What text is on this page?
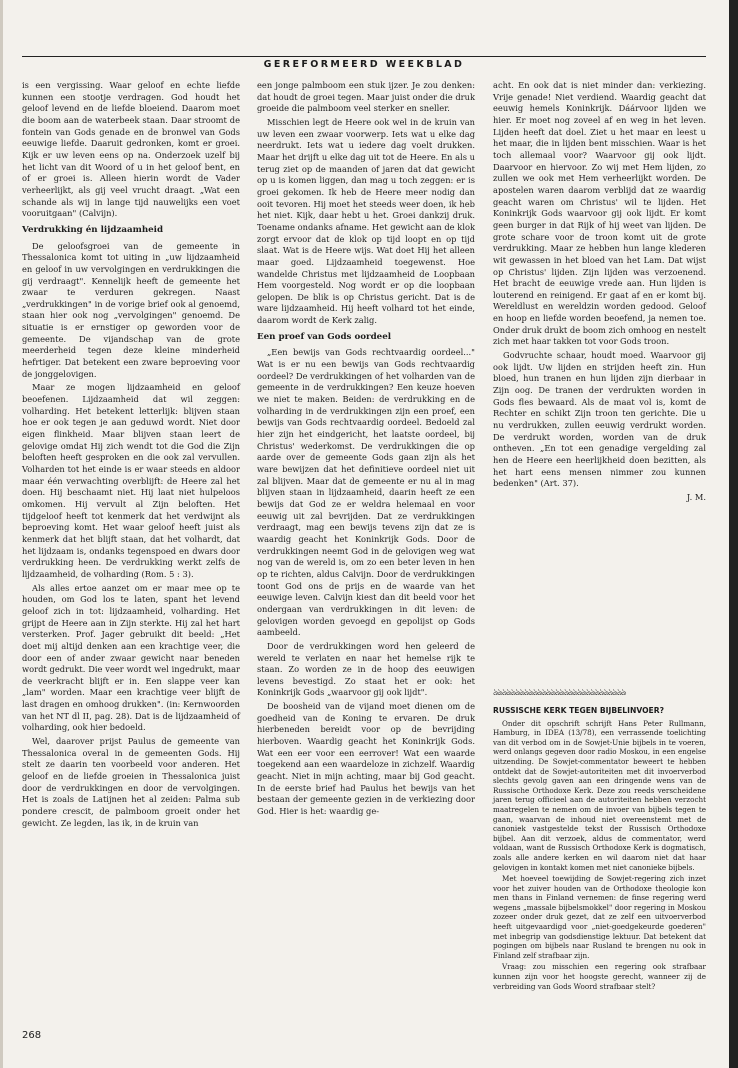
GEREFORMEERD WEEKBLAD

is een vergissing. Waar geloof en echte liefde kunnen een stootje verdragen. God houdt het geloof levend en de liefde bloeiend. Daarom moet die boom aan de waterbeek staan. Daar stroomt de fontein van Gods genade en de bronwel van Gods eeuwige liefde. Daaruit gedronken, komt er groei. Kijk er uw leven eens op na. Onderzoek uzelf bij het licht van dit Woord of u in het geloof bent, en of er groei is. Alleen hierin wordt de Vader verheerlijkt, als gij veel vrucht draagt. „Wat een schande als wij in lange tijd nauwelijks een voet vooruitgaan" (Calvijn).

Verdrukking én lijdzaamheid

De geloofsgroei van de gemeente in Thessalonica komt tot uiting in „uw lijdzaamheid en geloof in uw vervolgingen en verdrukkingen die gij verdraagt". Kennelijk heeft de gemeente het zwaar te verduren gekregen. Naast „verdrukkingen" in de vorige brief ook al genoemd, staan hier ook nog „vervolgingen" genoemd. De situatie is er ernstiger op geworden voor de gemeente. De vijandschap van de grote meerderheid tegen deze kleine minderheid hefrtiger. Dat betekent een zware beproeving voor de jonggelovigen.

Maar ze mogen lijdzaamheid en geloof beoefenen. Lijdzaamheid dat wil zeggen: volharding. Het betekent letterlijk: blijven staan hoe er ook tegen je aan geduwd wordt. Niet door eigen flinkheid. Maar blijven staan leert de gelovige omdat Hij zich wendt tot die God die Zijn beloften heeft gesproken en die ook zal vervullen. Volharden tot het einde is er waar steeds en aldoor maar één verwachting overblijft: de Heere zal het doen. Hij beschaamt niet. Hij laat niet hulpeloos omkomen. Hij vervult al Zijn beloften. Het tijdgeloof heeft tot kenmerk dat het verdwijnt als beproeving komt. Het waar geloof heeft juist als kenmerk dat het blijft staan, dat het volhardt, dat het lijdzaam is, ondanks tegenspoed en dwars door verdrukking heen. De verdrukking werkt zelfs de lijdzaamheid, de volharding (Rom. 5 : 3).

Als alles ertoe aanzet om er maar mee op te houden, om God los te laten, spant het levend geloof zich in tot: lijdzaamheid, volharding. Het grijpt de Heere aan in Zijn sterkte. Hij zal het hart versterken. Prof. Jager gebruikt dit beeld: „Het doet mij altijd denken aan een krachtige veer, die door een of ander zwaar gewicht naar beneden wordt gedrukt. Die veer wordt wel ingedrukt, maar de veerkracht blijft er in. Een slappe veer kan „lam" worden. Maar een krachtige veer blijft de last dragen en omhoog drukken". (in: Kernwoorden van het NT dl II, pag. 28). Dat is de lijdzaamheid of volharding, ook hier bedoeld.

Wel, daarover prijst Paulus de gemeente van Thessalonica overal in de gemeenten Gods. Hij stelt ze daarin ten voorbeeld voor anderen. Het geloof en de liefde groeien in Thessalonica juist door de verdrukkingen en door de vervolgingen. Het is zoals de Latijnen het al zeiden: Palma sub pondere crescit, de palmboom groeit onder het gewicht. Ze legden, las ik, in de kruin van

een jonge palmboom een stuk ijzer. Je zou denken: dat houdt de groei tegen. Maar juist onder die druk groeide die palmboom veel sterker en sneller.

Misschien legt de Heere ook wel in de kruin van uw leven een zwaar voorwerp. Iets wat u elke dag neerdrukt. Iets wat u iedere dag voelt drukken. Maar het drijft u elke dag uit tot de Heere. En als u terug ziet op de maanden of jaren dat dat gewicht op u is komen liggen, dan mag u toch zeggen: er is groei gekomen. Ik heb de Heere meer nodig dan ooit tevoren. Hij moet het steeds weer doen, ik heb het niet. Kijk, daar hebt u het. Groei dankzij druk. Toename ondanks afname. Het gewicht aan de klok zorgt ervoor dat de klok op tijd loopt en op tijd slaat. Wat is de Heere wijs. Wat doet Hij het alleen maar goed. Lijdzaamheid toegewenst. Hoe wandelde Christus met lijdzaamheid de Loopbaan Hem voorgesteld. Nog wordt er op die loopbaan gelopen. De blik is op Christus gericht. Dat is de ware lijdzaamheid. Hij heeft volhard tot het einde, daarom wordt de Kerk zalig.

Een proef van Gods oordeel

„Een bewijs van Gods rechtvaardig oordeel..." Wat is er nu een bewijs van Gods rechtvaardig oordeel? De verdrukkingen of het volharden van de gemeente in de verdrukkingen? Een keuze hoeven we niet te maken. Beiden: de verdrukking en de volharding in de verdrukkingen zijn een proef, een bewijs van Gods rechtvaardig oordeel. Bedoeld zal hier zijn het eindgericht, het laatste oordeel, bij Christus' wederkomst. De verdrukkingen die op aarde over de gemeente Gods gaan zijn als het ware bewijzen dat het definitieve oordeel niet uit zal blijven. Maar dat de gemeente er nu al in mag blijven staan in lijdzaamheid, daarin heeft ze een bewijs dat God ze er weldra helemaal en voor eeuwig uit zal bevrijden. Dat ze verdrukkingen verdraagt, mag een bewijs tevens zijn dat ze is waardig geacht het Koninkrijk Gods. Door de verdrukkingen neemt God in de gelovigen weg wat nog van de wereld is, om zo een beter leven in hen op te richten, aldus Calvijn. Door de verdrukkingen toont God ons de prijs en de waarde van het eeuwige leven. Calvijn kiest dan dit beeld voor het ondergaan van verdrukkingen in dit leven: de gelovigen worden gevoegd en gepolijst op Gods aambeeld.

Door de verdrukkingen word hen geleerd de wereld te verlaten en naar het hemelse rijk te staan. Zo worden ze in de hoop des eeuwigen levens bevestigd. Zo staat het er ook: het Koninkrijk Gods „waarvoor gij ook lijdt".

De boosheid van de vijand moet dienen om de goedheid van de Koning te ervaren. De druk hierbeneden bereidt voor op de bevrijding hierboven. Waardig geacht het Koninkrijk Gods. Wat een eer voor een eerrover! Wat een waarde toegekend aan een waardeloze in zichzelf. Waardig geacht. Niet in mijn achting, maar bij God geacht. In de eerste brief had Paulus het bewijs van het bestaan der gemeente gezien in de verkiezing door God. Hier is het: waardig ge-

acht. En ook dat is niet minder dan: verkiezing. Vrije genade! Niet verdiend. Waardig geacht dat eeuwig hemels Koninkrijk. Dáárvoor lijden we hier. Er moet nog zoveel af en weg in het leven. Lijden heeft dat doel. Ziet u het maar en leest u het maar, die in lijden bent misschien. Waar is het toch allemaal voor? Waarvoor gij ook lijdt. Daarvoor en hiervoor. Zo wij met Hem lijden, zo zullen we ook met Hem verheerlijkt worden. De apostelen waren daarom verblijd dat ze waardig geacht waren om Christus' wil te lijden. Het Koninkrijk Gods waarvoor gij ook lijdt. Er komt geen burger in dat Rijk of hij weet van lijden. De grote schare voor de troon komt uit de grote verdrukking. Maar ze hebben hun lange klederen wit gewassen in het bloed van het Lam. Dat wijst op Christus' lijden. Zijn lijden was verzoenend. Het bracht de eeuwige vrede aan. Hun lijden is louterend en reinigend. Er gaat af en er komt bij. Wereldlust en wereldzin worden gedood. Geloof en hoop en liefde worden beoefend, ja nemen toe. Onder druk drukt de boom zich omhoog en nestelt zich met haar takken tot voor Gods troon.

Godvruchte schaar, houdt moed. Waarvoor gij ook lijdt. Uw lijden en strijden heeft zin. Hun bloed, hun tranen en hun lijden zijn dierbaar in Zijn oog. De tranen der verdrukten worden in Gods fles bewaard. Als de maat vol is, komt de Rechter en schikt Zijn troon ten gerichte. Die u nu verdrukken, zullen eeuwig verdrukt worden. De verdrukt worden, worden van de druk ontheven. „En tot een genadige vergelding zal hen de Heere een heerlijkheid doen bezitten, als het hart eens mensen nimmer zou kunnen bedenken" (Art. 37).

J. M.

ঌঌঌঌঌঌঌঌঌঌঌঌঌঌঌঌঌঌঌঌঌঌঌঌঌঌঌঌঌঌ
RUSSISCHE KERK TEGEN BIJBELINVOER?

Onder dit opschrift schrijft Hans Peter Rullmann, Hamburg, in IDEA (13/78), een verrassende toelichting van dit verbod om in de Sowjet-Unie bijbels in te voeren, werd onlangs gegeven door radio Moskou, in een engelse uitzending. De Sowjet-commentator beweert te hebben ontdekt dat de Sowjet-autoriteiten met dit invoerverbod slechts gevolg gaven aan een dringende wens van de Russische Orthodoxe Kerk. Deze zou reeds verscheidene jaren terug officieel aan de autoriteiten hebben verzocht maatregelen te nemen om de invoer van bijbels tegen te gaan, waarvan de inhoud niet overeenstemt met de canoniek vastgestelde tekst der Russisch Orthodoxe bijbel. Aan dit verzoek, aldus de commentator, werd voldaan, want de Russisch Orthodoxe Kerk is dogmatisch, zoals alle andere kerken en wil daarom niet dat haar gelovigen in kontakt komen met niet canonieke bijbels.

Met hoeveel toewijding de Sowjet-regering zich inzet voor het zuiver houden van de Orthodoxe theologie kon men thans in Finland vernemen: de finse regering werd wegens „massale bijbelsmokkel" door regering in Moskou zozeer onder druk gezet, dat ze zelf een uitvoerverbod heeft uitgevaardigd voor „niet-goedgekeurde goederen" met inbegrip van godsdienstige lektuur. Dat betekent dat pogingen om bijbels naar Rusland te brengen nu ook in Finland zelf strafbaar zijn.

Vraag: zou misschien een regering ook strafbaar kunnen zijn voor het hoogste gerecht, wanneer zij de verbreiding van Gods Woord strafbaar stelt?

268
